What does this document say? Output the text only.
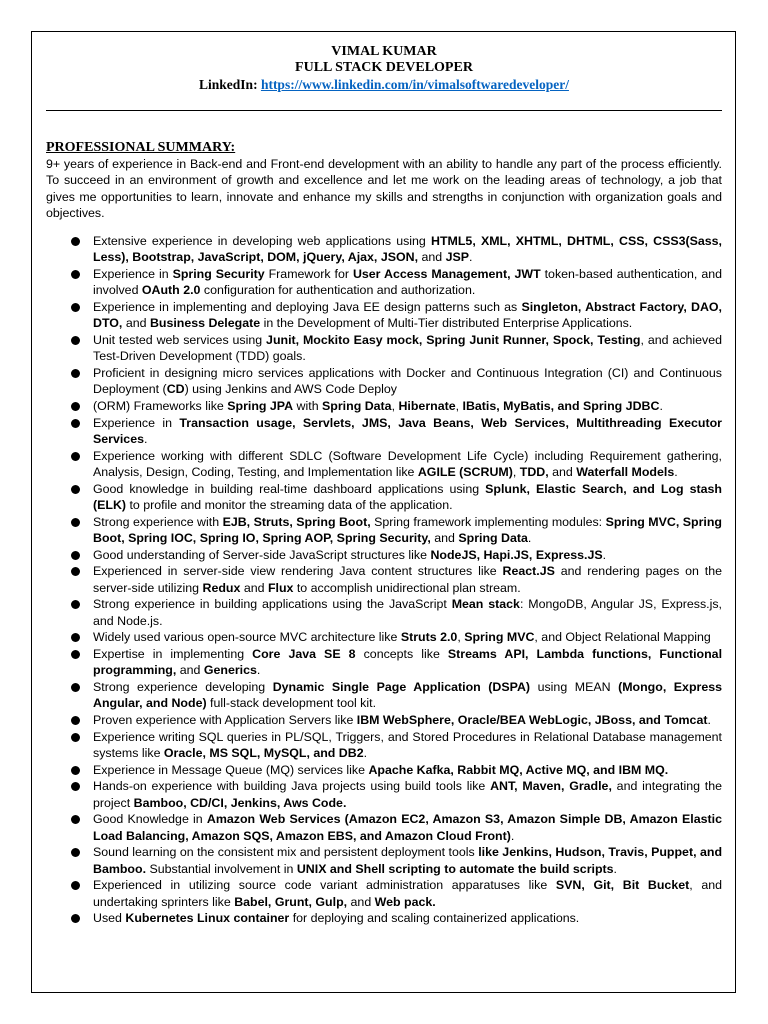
VIMAL KUMAR
FULL STACK DEVELOPER
LinkedIn: https://www.linkedin.com/in/vimalsoftwaredeveloper/
PROFESSIONAL SUMMARY:

9+ years of experience in Back-end and Front-end development with an ability to handle any part of the process efficiently. To succeed in an environment of growth and excellence and let me work on the leading areas of technology, a job that gives me opportunities to learn, innovate and enhance my skills and strengths in conjunction with organization goals and objectives.

Extensive experience in developing web applications using HTML5, XML, XHTML, DHTML, CSS, CSS3(Sass, Less), Bootstrap, JavaScript, DOM, jQuery, Ajax, JSON, and JSP.
Experience in Spring Security Framework for User Access Management, JWT token-based authentication, and involved OAuth 2.0 configuration for authentication and authorization.
Experience in implementing and deploying Java EE design patterns such as Singleton, Abstract Factory, DAO, DTO, and Business Delegate in the Development of Multi-Tier distributed Enterprise Applications.
Unit tested web services using Junit, Mockito Easy mock, Spring Junit Runner, Spock, Testing, and achieved Test-Driven Development (TDD) goals.
Proficient in designing micro services applications with Docker and Continuous Integration (CI) and Continuous Deployment (CD) using Jenkins and AWS Code Deploy
(ORM) Frameworks like Spring JPA with Spring Data, Hibernate, IBatis, MyBatis, and Spring JDBC.
Experience in Transaction usage, Servlets, JMS, Java Beans, Web Services, Multithreading Executor Services.
Experience working with different SDLC (Software Development Life Cycle) including Requirement gathering, Analysis, Design, Coding, Testing, and Implementation like AGILE (SCRUM), TDD, and Waterfall Models.
Good knowledge in building real-time dashboard applications using Splunk, Elastic Search, and Log stash (ELK) to profile and monitor the streaming data of the application.
Strong experience with EJB, Struts, Spring Boot, Spring framework implementing modules: Spring MVC, Spring Boot, Spring IOC, Spring IO, Spring AOP, Spring Security, and Spring Data.
Good understanding of Server-side JavaScript structures like NodeJS, Hapi.JS, Express.JS.
Experienced in server-side view rendering Java content structures like React.JS and rendering pages on the server-side utilizing Redux and Flux to accomplish unidirectional plan stream.
Strong experience in building applications using the JavaScript Mean stack: MongoDB, Angular JS, Express.js, and Node.js.
Widely used various open-source MVC architecture like Struts 2.0, Spring MVC, and Object Relational Mapping
Expertise in implementing Core Java SE 8 concepts like Streams API, Lambda functions, Functional programming, and Generics.
Strong experience developing Dynamic Single Page Application (DSPA) using MEAN (Mongo, Express Angular, and Node) full-stack development tool kit.
Proven experience with Application Servers like IBM WebSphere, Oracle/BEA WebLogic, JBoss, and Tomcat.
Experience writing SQL queries in PL/SQL, Triggers, and Stored Procedures in Relational Database management systems like Oracle, MS SQL, MySQL, and DB2.
Experience in Message Queue (MQ) services like Apache Kafka, Rabbit MQ, Active MQ, and IBM MQ.
Hands-on experience with building Java projects using build tools like ANT, Maven, Gradle, and integrating the project Bamboo, CD/CI, Jenkins, Aws Code.
Good Knowledge in Amazon Web Services (Amazon EC2, Amazon S3, Amazon Simple DB, Amazon Elastic Load Balancing, Amazon SQS, Amazon EBS, and Amazon Cloud Front).
Sound learning on the consistent mix and persistent deployment tools like Jenkins, Hudson, Travis, Puppet, and Bamboo. Substantial involvement in UNIX and Shell scripting to automate the build scripts.
Experienced in utilizing source code variant administration apparatuses like SVN, Git, Bit Bucket, and undertaking sprinters like Babel, Grunt, Gulp, and Web pack.
Used Kubernetes Linux container for deploying and scaling containerized applications.
